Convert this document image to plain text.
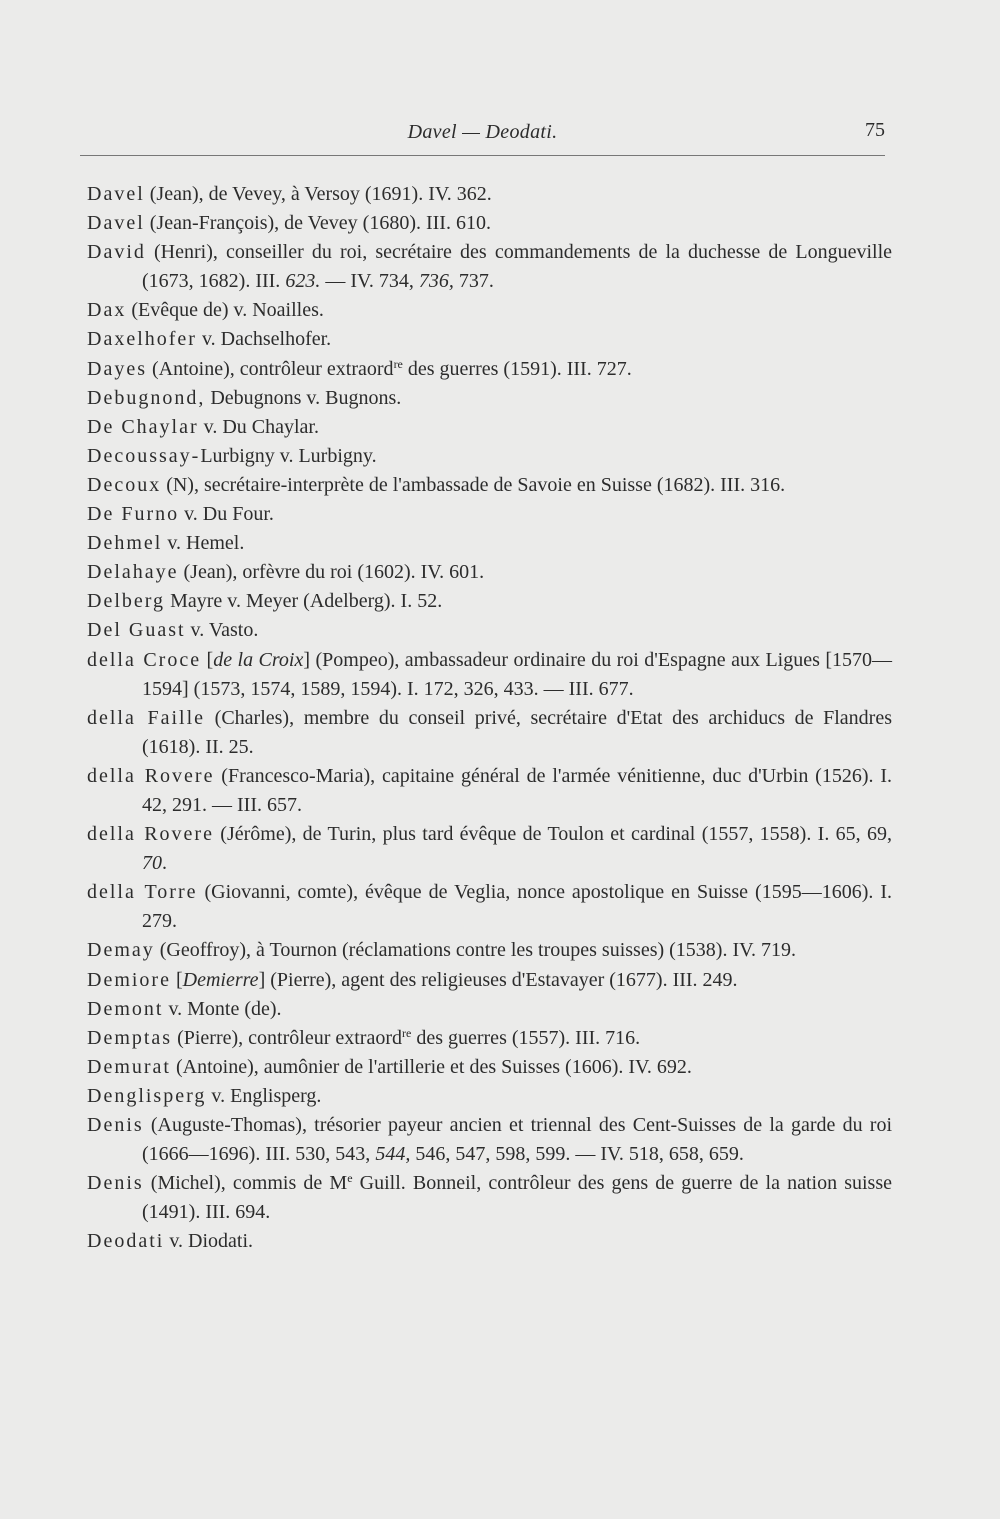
Davel — Deodati.	75
Davel (Jean), de Vevey, à Versoy (1691). IV. 362.
Davel (Jean-François), de Vevey (1680). III. 610.
David (Henri), conseiller du roi, secrétaire des commandements de la duchesse de Longueville (1673, 1682). III. 623. — IV. 734, 736, 737.
Dax (Evêque de) v. Noailles.
Daxelhofer v. Dachselhofer.
Dayes (Antoine), contrôleur extraord$^{re}$ des guerres (1591). III. 727.
Debugnond, Debugnons v. Bugnons.
De Chaylar v. Du Chaylar.
Decoussay-Lurbigny v. Lurbigny.
Decoux (N), secrétaire-interprète de l'ambassade de Savoie en Suisse (1682). III. 316.
De Furno v. Du Four.
Dehmel v. Hemel.
Delahaye (Jean), orfèvre du roi (1602). IV. 601.
Delberg Mayre v. Meyer (Adelberg). I. 52.
Del Guast v. Vasto.
della Croce [de la Croix] (Pompeo), ambassadeur ordinaire du roi d'Espagne aux Ligues [1570—1594] (1573, 1574, 1589, 1594). I. 172, 326, 433. — III. 677.
della Faille (Charles), membre du conseil privé, secrétaire d'Etat des archiducs de Flandres (1618). II. 25.
della Rovere (Francesco-Maria), capitaine général de l'armée vénitienne, duc d'Urbin (1526). I. 42, 291. — III. 657.
della Rovere (Jérôme), de Turin, plus tard évêque de Toulon et cardinal (1557, 1558). I. 65, 69, 70.
della Torre (Giovanni, comte), évêque de Veglia, nonce apostolique en Suisse (1595—1606). I. 279.
Demay (Geoffroy), à Tournon (réclamations contre les troupes suisses) (1538). IV. 719.
Demiore [Demierre] (Pierre), agent des religieuses d'Estavayer (1677). III. 249.
Demont v. Monte (de).
Demptas (Pierre), contrôleur extraord$^{re}$ des guerres (1557). III. 716.
Demurat (Antoine), aumônier de l'artillerie et des Suisses (1606). IV. 692.
Denglisperg v. Englisperg.
Denis (Auguste-Thomas), trésorier payeur ancien et triennal des Cent-Suisses de la garde du roi (1666—1696). III. 530, 543, 544, 546, 547, 598, 599. — IV. 518, 658, 659.
Denis (Michel), commis de Me Guill. Bonneil, contrôleur des gens de guerre de la nation suisse (1491). III. 694.
Deodati v. Diodati.
